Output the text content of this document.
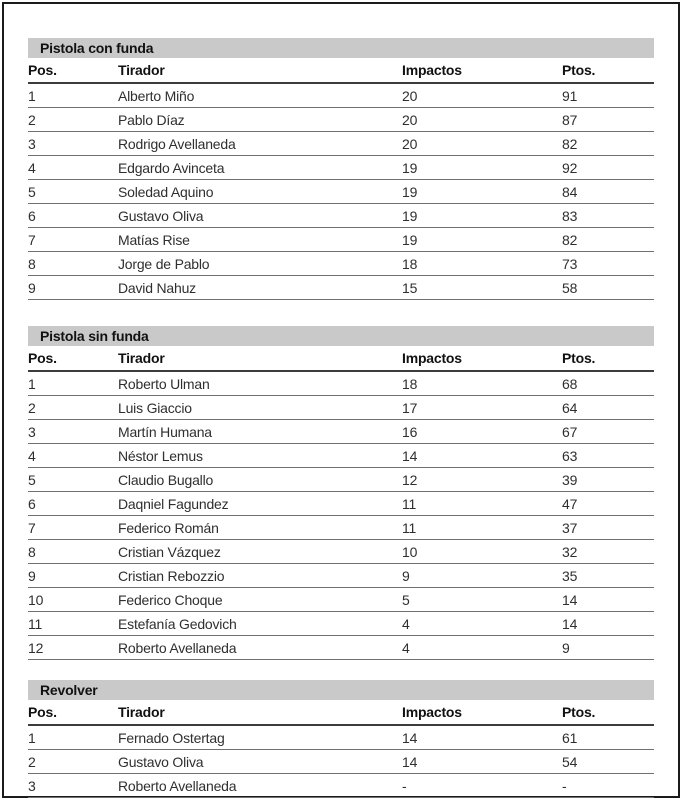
Pistola con funda
Pos.	Tirador	Impactos	Ptos.
1	Alberto Miño	20	91
2	Pablo Díaz	20	87
3	Rodrigo Avellaneda	20	82
4	Edgardo Avinceta	19	92
5	Soledad Aquino	19	84
6	Gustavo Oliva	19	83
7	Matías Rise	19	82
8	Jorge de Pablo	18	73
9	David Nahuz	15	58
Pistola sin funda
Pos.	Tirador	Impactos	Ptos.
1	Roberto Ulman	18	68
2	Luis Giaccio	17	64
3	Martín Humana	16	67
4	Néstor Lemus	14	63
5	Claudio Bugallo	12	39
6	Daqniel Fagundez	11	47
7	Federico Román	11	37
8	Cristian Vázquez	10	32
9	Cristian Rebozzio	9	35
10	Federico Choque	5	14
11	Estefanía Gedovich	4	14
12	Roberto Avellaneda	4	9
Revolver
Pos.	Tirador	Impactos	Ptos.
1	Fernado Ostertag	14	61
2	Gustavo Oliva	14	54
3	Roberto Avellaneda	-	-
